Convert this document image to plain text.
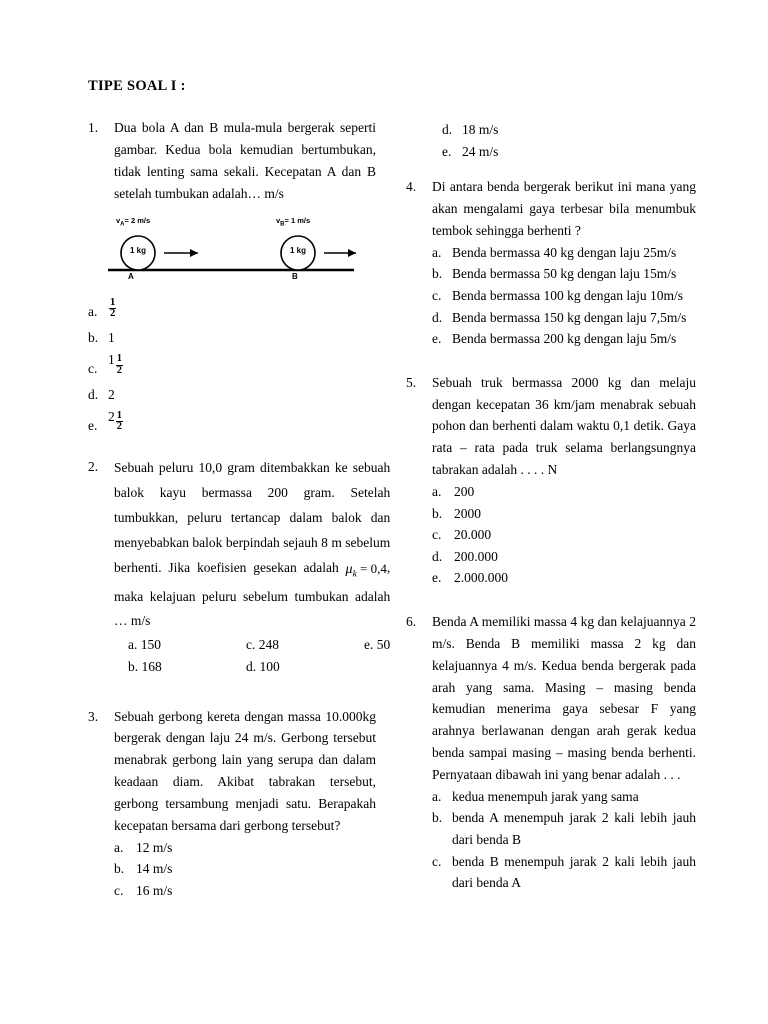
TIPE SOAL I :
1.	Dua bola A dan B mula-mula bergerak seperti gambar. Kedua bola kemudian bertumbukan, tidak lenting sama sekali. Kecepatan A dan B setelah tumbukan adalah… m/s

$v_A= 2$ m/s
1 kg
A
$v_B= 1$ m/s
1 kg
B
a.	$\frac{1}{2}$
b. 1
c.
$1 \frac{1}{2}$
d. 2
e.
$2 \frac{1}{2}$
2.	Sebuah peluru 10,0 gram ditembakkan ke sebuah balok kayu bermassa 200 gram. Setelah tumbukkan, peluru tertancap dalam balok dan menyebabkan balok berpindah sejauh 8 m sebelum berhenti. Jika koefisien gesekan adalah $\mu_k = 0,4$, maka kelajuan peluru sebelum tumbukan adalah … m/s

a. 150	c. 248	e. 50
b. 168	d. 100
3.	Sebuah gerbong kereta dengan massa 10.000kg bergerak dengan laju 24 m/s. Gerbong tersebut menabrak gerbong lain yang serupa dan dalam keadaan diam. Akibat tabrakan tersebut, gerbong tersambung menjadi satu. Berapakah kecepatan bersama dari gerbong tersebut?

a. 12 m/s
b. 14 m/s
c. 16 m/s
d. 18 m/s
e. 24 m/s
4.	Di antara benda bergerak berikut ini mana yang akan mengalami gaya terbesar bila menumbuk tembok sehingga berhenti ?

a. Benda bermassa 40 kg dengan laju 25m/s
b. Benda bermassa 50 kg dengan laju 15m/s
c. Benda bermassa 100 kg dengan laju 10m/s
d. Benda bermassa 150 kg dengan laju 7,5m/s
e. Benda bermassa 200 kg dengan laju 5m/s
5.	Sebuah truk bermassa 2000 kg dan melaju dengan kecepatan 36 km/jam menabrak sebuah pohon dan berhenti dalam waktu 0,1 detik. Gaya rata – rata pada truk selama berlangsungnya tabrakan adalah . . . . N

a. 200
b. 2000
c. 20.000
d. 200.000
e. 2.000.000
6.	Benda A memiliki massa 4 kg dan kelajuannya 2 m/s. Benda B memiliki massa 2 kg dan kelajuannya 4 m/s. Kedua benda bergerak pada arah yang sama. Masing – masing benda kemudian menerima gaya sebesar F yang arahnya berlawanan dengan arah gerak kedua benda sampai masing – masing benda berhenti. Pernyataan dibawah ini yang benar adalah . . .

a. kedua menempuh jarak yang sama
b. benda A menempuh jarak 2 kali lebih jauh dari benda B
c. benda B menempuh jarak 2 kali lebih jauh dari benda A
